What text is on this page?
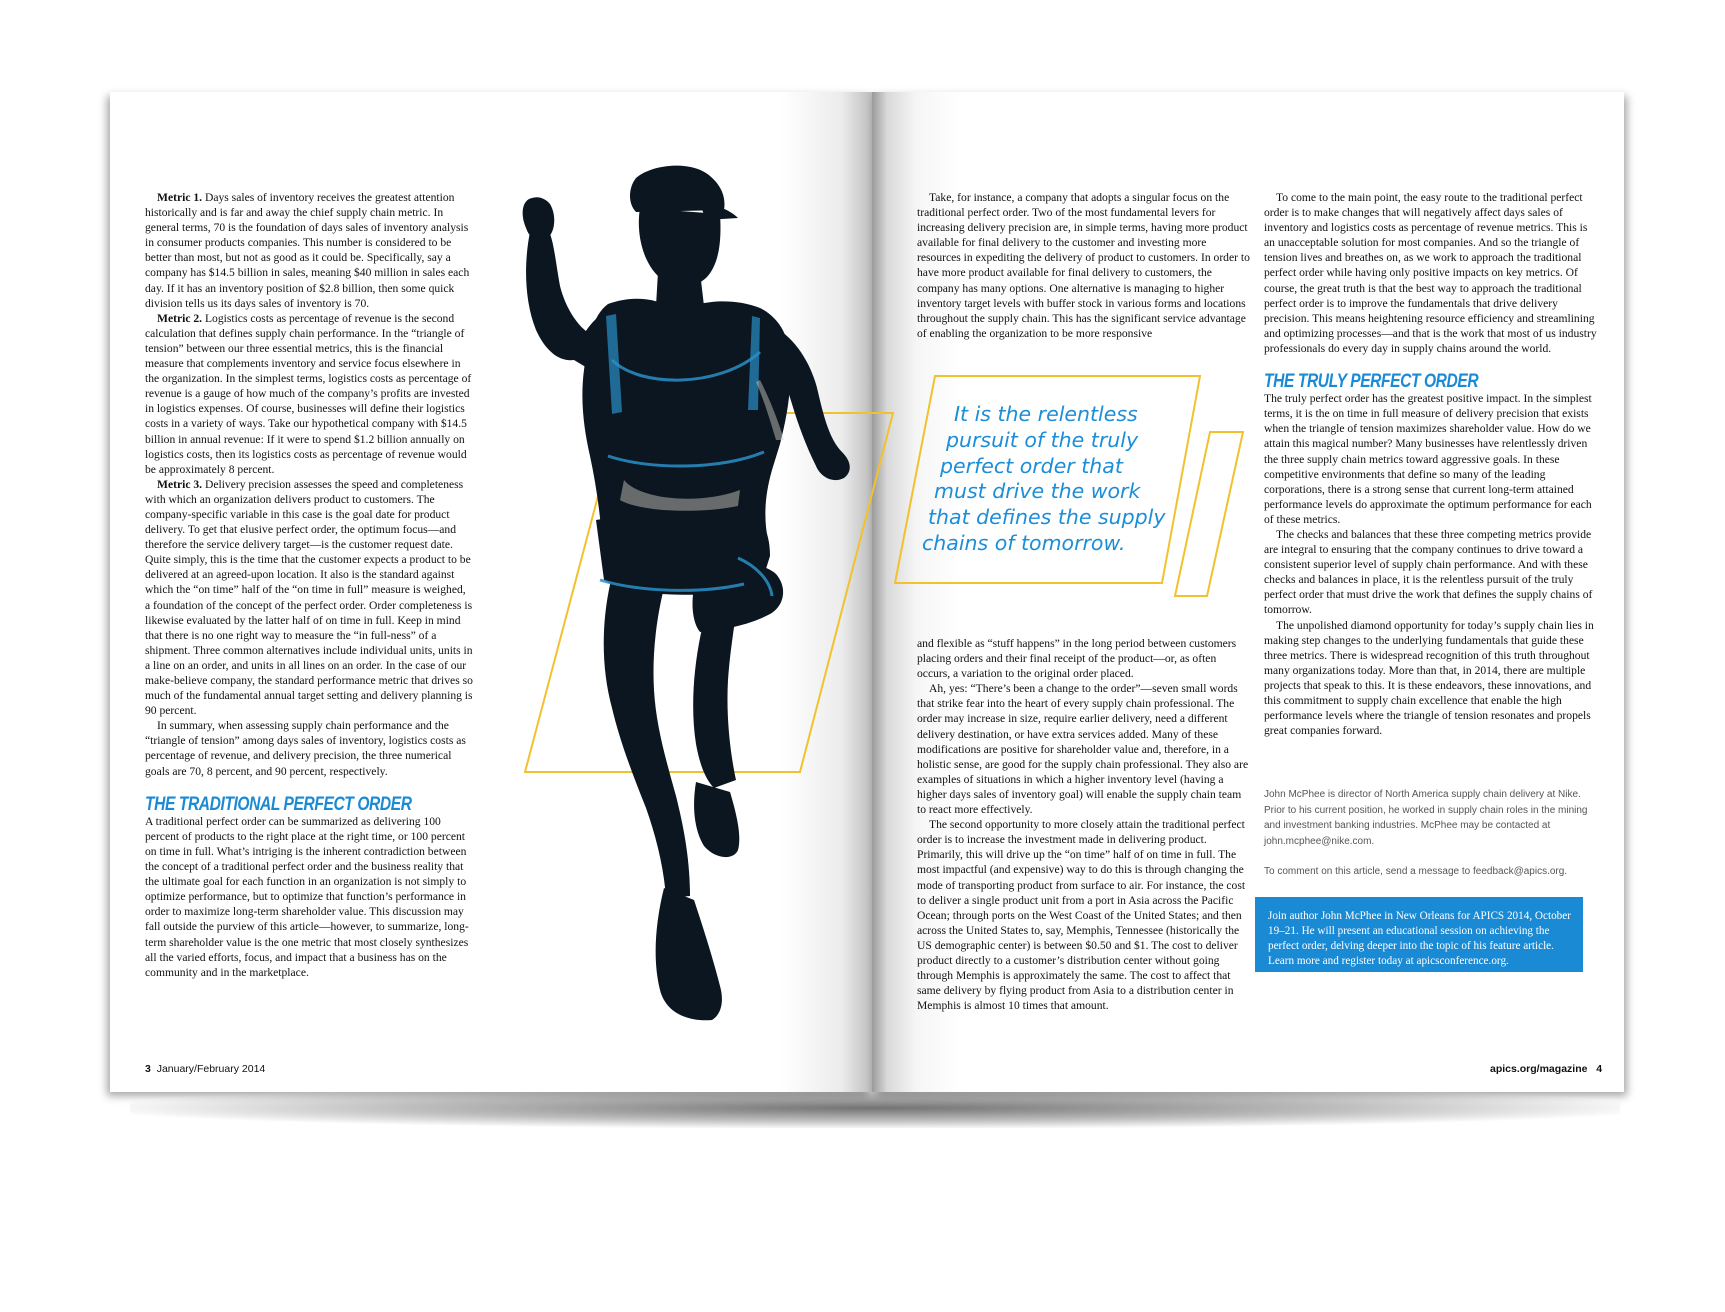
Metric 1. Days sales of inventory receives the greatest attention historically and is far and away the chief supply chain metric. In general terms, 70 is the foundation of days sales of inventory analysis in consumer products companies. This number is considered to be better than most, but not as good as it could be. Specifically, say a company has $14.5 billion in sales, meaning $40 million in sales each day. If it has an inventory position of $2.8 billion, then some quick division tells us its days sales of inventory is 70.

Metric 2. Logistics costs as percentage of revenue is the second calculation that defines supply chain performance. In the “triangle of tension” between our three essential metrics, this is the financial measure that complements inventory and service focus elsewhere in the organization. In the simplest terms, logistics costs as percentage of revenue is a gauge of how much of the company’s profits are invested in logistics expenses. Of course, businesses will define their logistics costs in a variety of ways. Take our hypothetical company with $14.5 billion in annual revenue: If it were to spend $1.2 billion annually on logistics costs, then its logistics costs as percentage of revenue would be approximately 8 percent.

Metric 3. Delivery precision assesses the speed and completeness with which an organization delivers product to customers. The company-specific variable in this case is the goal date for product delivery. To get that elusive perfect order, the optimum focus—and therefore the service delivery target—is the customer request date. Quite simply, this is the time that the customer expects a product to be delivered at an agreed-upon location. It also is the standard against which the “on time” half of the “on time in full” measure is weighed, a foundation of the concept of the perfect order. Order completeness is likewise evaluated by the latter half of on time in full. Keep in mind that there is no one right way to measure the “in full-ness” of a shipment. Three common alternatives include individual units, units in a line on an order, and units in all lines on an order. In the case of our make-believe company, the standard performance metric that drives so much of the fundamental annual target setting and delivery planning is 90 percent.

In summary, when assessing supply chain performance and the “triangle of tension” among days sales of inventory, logistics costs as percentage of revenue, and delivery precision, the three numerical goals are 70, 8 percent, and 90 percent, respectively.

THE TRADITIONAL PERFECT ORDER

A traditional perfect order can be summarized as delivering 100 percent of products to the right place at the right time, or 100 percent on time in full. What’s intriging is the inherent contradiction between the concept of a traditional perfect order and the business reality that the ultimate goal for each function in an organization is not simply to optimize performance, but to optimize that function’s performance in order to maximize long-term shareholder value. This discussion may fall outside the purview of this article—however, to summarize, long-term shareholder value is the one metric that most closely synthesizes all the varied efforts, focus, and impact that a business has on the community and in the marketplace.

Take, for instance, a company that adopts a singular focus on the traditional perfect order. Two of the most fundamental levers for increasing delivery precision are, in simple terms, having more product available for final delivery to the customer and investing more resources in expediting the delivery of product to customers. In order to have more product available for final delivery to customers, the company has many options. One alternative is managing to higher inventory target levels with buffer stock in various forms and locations throughout the supply chain. This has the significant service advantage of enabling the organization to be more responsive

It is the relentless
pursuit of the truly
perfect order that
must drive the work
that defines the supply
chains of tomorrow.

and flexible as “stuff happens” in the long period between customers placing orders and their final receipt of the product—or, as often occurs, a variation to the original order placed.

Ah, yes: “There’s been a change to the order”—seven small words that strike fear into the heart of every supply chain professional. The order may increase in size, require earlier delivery, need a different delivery destination, or have extra services added. Many of these modifications are positive for shareholder value and, therefore, in a holistic sense, are good for the supply chain professional. They also are examples of situations in which a higher inventory level (having a higher days sales of inventory goal) will enable the supply chain team to react more effectively.

The second opportunity to more closely attain the traditional perfect order is to increase the investment made in delivering product. Primarily, this will drive up the “on time” half of on time in full. The most impactful (and expensive) way to do this is through changing the mode of transporting product from surface to air. For instance, the cost to deliver a single product unit from a port in Asia across the Pacific Ocean; through ports on the West Coast of the United States; and then across the United States to, say, Memphis, Tennessee (historically the US demographic center) is between $0.50 and $1. The cost to deliver product directly to a customer’s distribution center without going through Memphis is approximately the same. The cost to affect that same delivery by flying product from Asia to a distribution center in Memphis is almost 10 times that amount.

To come to the main point, the easy route to the traditional perfect order is to make changes that will negatively affect days sales of inventory and logistics costs as percentage of revenue metrics. This is an unacceptable solution for most companies. And so the triangle of tension lives and breathes on, as we work to approach the traditional perfect order while having only positive impacts on key metrics. Of course, the great truth is that the best way to approach the traditional perfect order is to improve the fundamentals that drive delivery precision. This means heightening resource efficiency and streamlining and optimizing processes—and that is the work that most of us industry professionals do every day in supply chains around the world.

THE TRULY PERFECT ORDER

The truly perfect order has the greatest positive impact. In the simplest terms, it is the on time in full measure of delivery precision that exists when the triangle of tension maximizes shareholder value. How do we attain this magical number? Many businesses have relentlessly driven the three supply chain metrics toward aggressive goals. In these competitive environments that define so many of the leading corporations, there is a strong sense that current long-term attained performance levels do approximate the optimum performance for each of these metrics.

The checks and balances that these three competing metrics provide are integral to ensuring that the company continues to drive toward a consistent superior level of supply chain performance. And with these checks and balances in place, it is the relentless pursuit of the truly perfect order that must drive the work that defines the supply chains of tomorrow.

The unpolished diamond opportunity for today’s supply chain lies in making step changes to the underlying fundamentals that guide these three metrics. There is widespread recognition of this truth throughout many organizations today. More than that, in 2014, there are multiple projects that speak to this. It is these endeavors, these innovations, and this commitment to supply chain excellence that enable the high performance levels where the triangle of tension resonates and propels great companies forward.

John McPhee is director of North America supply chain delivery at Nike. Prior to his current position, he worked in supply chain roles in the mining and investment banking industries. McPhee may be contacted at john.mcphee@nike.com.
To comment on this article, send a message to feedback@apics.org.
Join author John McPhee in New Orleans for APICS 2014, October 19–21. He will present an educational session on achieving the perfect order, delving deeper into the topic of his feature article. Learn more and register today at apicsconference.org.
3 January/February 2014	apics.org/magazine 4
